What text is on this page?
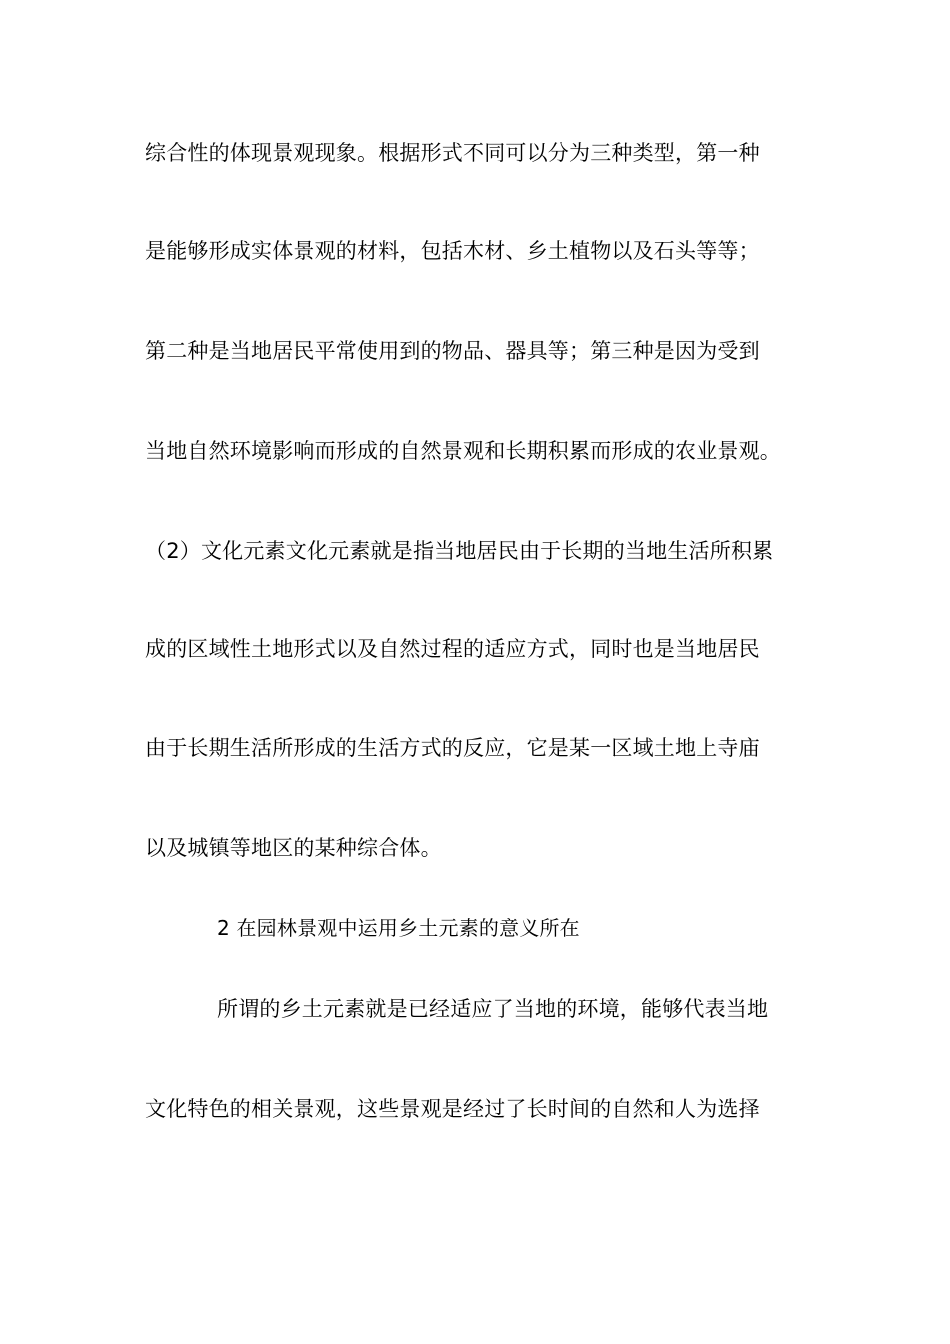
综合性的体现景观现象。根据形式不同可以分为三种类型，第一种
是能够形成实体景观的材料，包括木材、乡土植物以及石头等等；
第二种是当地居民平常使用到的物品、器具等；第三种是因为受到
当地自然环境影响而形成的自然景观和长期积累而形成的农业景观。
（2）文化元素文化元素就是指当地居民由于长期的当地生活所积累
成的区域性土地形式以及自然过程的适应方式，同时也是当地居民
由于长期生活所形成的生活方式的反应，它是某一区域土地上寺庙
以及城镇等地区的某种综合体。
2 在园林景观中运用乡土元素的意义所在
所谓的乡土元素就是已经适应了当地的环境，能够代表当地
文化特色的相关景观，这些景观是经过了长时间的自然和人为选择
